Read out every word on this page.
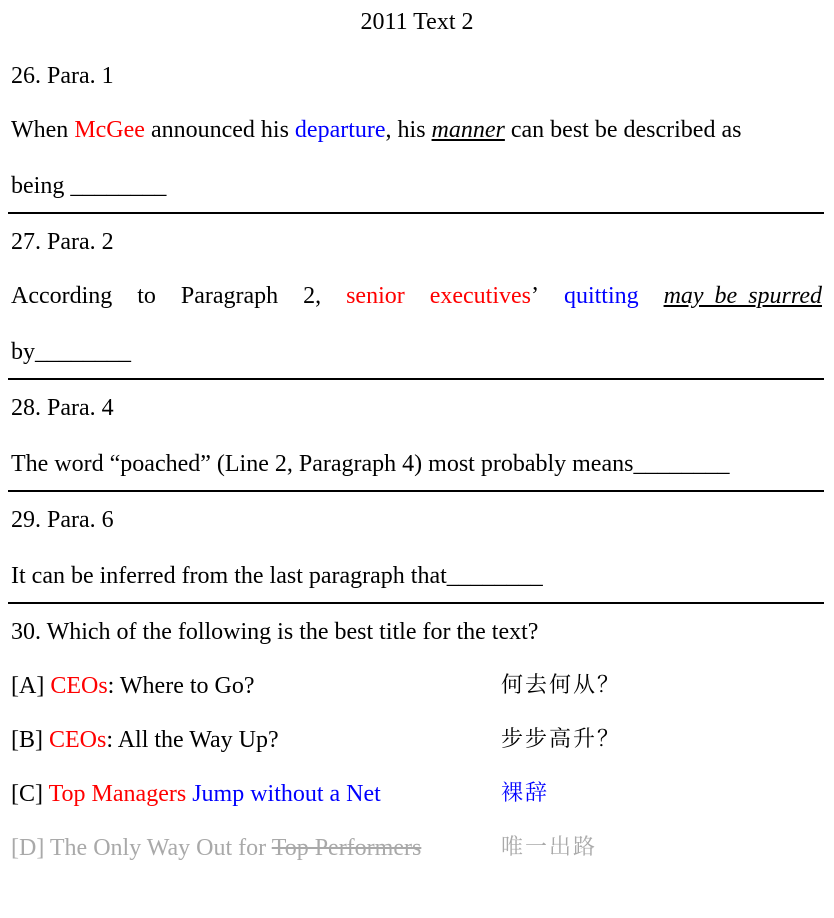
2011 Text 2
26. Para. 1
When McGee announced his departure, his manner can best be described as
being ________
27. Para. 2
According to Paragraph 2, senior executives’ quitting may be spurred
by________
28. Para. 4
The word “poached” (Line 2, Paragraph 4) most probably means________
29. Para. 6
It can be inferred from the last paragraph that________
30. Which of the following is the best title for the text?
[A] CEOs: Where to Go?	何去何从？
[B] CEOs: All the Way Up?	步步高升？
[C] Top Managers Jump without a Net	裸辞
[D] The Only Way Out for Top Performers	唯一出路
